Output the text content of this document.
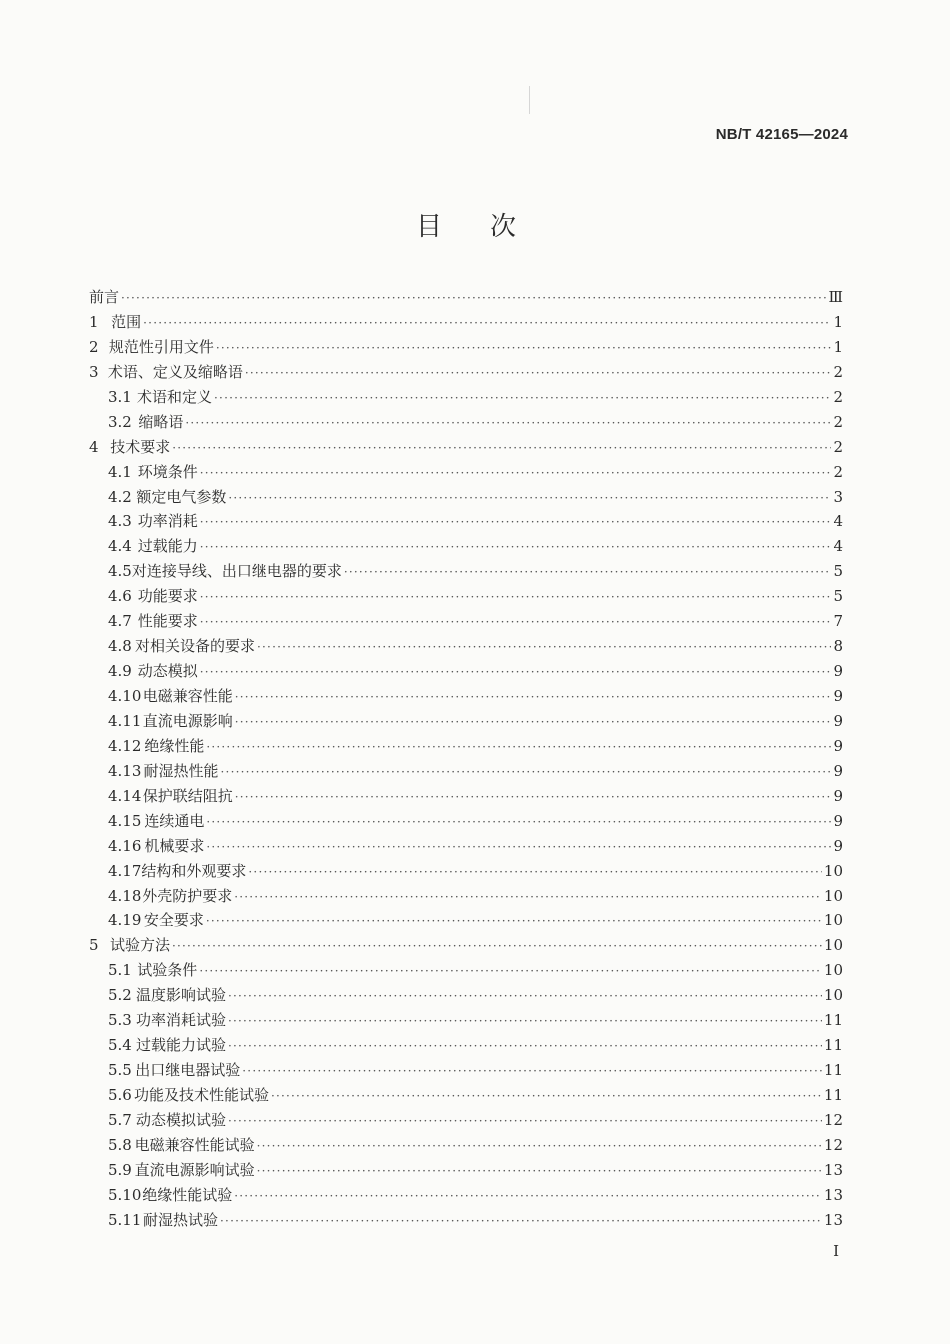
NB/T 42165—2024
目次
前言 ·····	Ⅲ
1 范围 ·····	1
2 规范性引用文件 ·····	1
3 术语、定义及缩略语 ·····	2
3.1 术语和定义 ·····	2
3.2 缩略语 ·····	2
4 技术要求 ·····	2
4.1 环境条件 ·····	2
4.2 额定电气参数 ·····	3
4.3 功率消耗 ·····	4
4.4 过载能力 ·····	4
4.5 对连接导线、出口继电器的要求 ·····	5
4.6 功能要求 ·····	5
4.7 性能要求 ·····	7
4.8 对相关设备的要求 ·····	8
4.9 动态模拟 ·····	9
4.10 电磁兼容性能 ·····	9
4.11 直流电源影响 ·····	9
4.12 绝缘性能 ·····	9
4.13 耐湿热性能 ·····	9
4.14 保护联结阻抗 ·····	9
4.15 连续通电 ·····	9
4.16 机械要求 ·····	9
4.17 结构和外观要求 ·····	10
4.18 外壳防护要求 ·····	10
4.19 安全要求 ·····	10
5 试验方法 ·····	10
5.1 试验条件 ·····	10
5.2 温度影响试验 ·····	10
5.3 功率消耗试验 ·····	11
5.4 过载能力试验 ·····	11
5.5 出口继电器试验 ·····	11
5.6 功能及技术性能试验 ·····	11
5.7 动态模拟试验 ·····	12
5.8 电磁兼容性能试验 ·····	12
5.9 直流电源影响试验 ·····	13
5.10 绝缘性能试验 ·····	13
5.11 耐湿热试验 ·····	13
I
